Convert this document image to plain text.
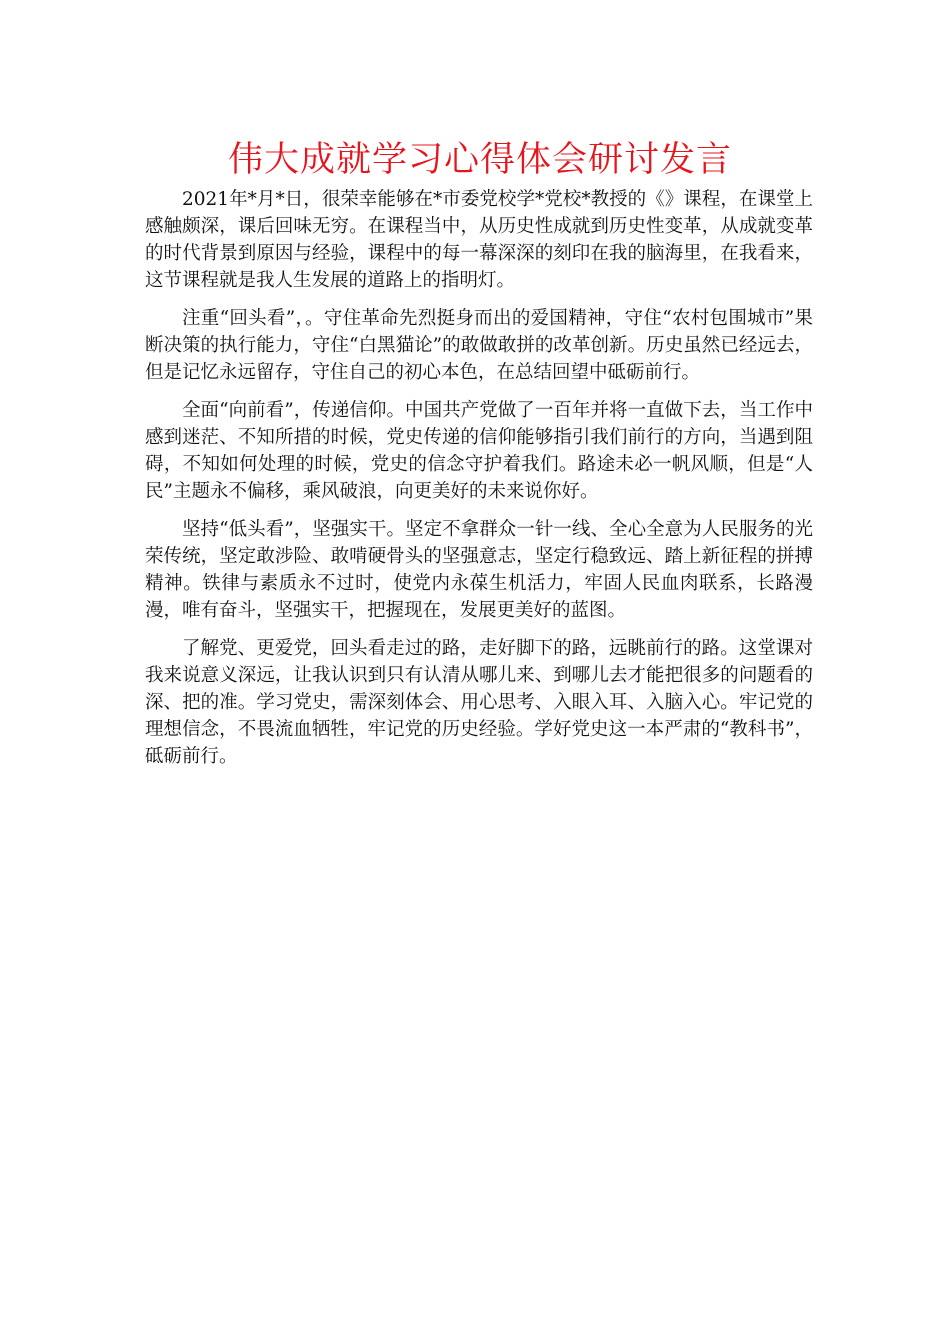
伟大成就学习心得体会研讨发言

2021年*月*日，很荣幸能够在*市委党校学*党校*教授的《》课程，在课堂上感触颇深，课后回味无穷。在课程当中，从历史性成就到历史性变革，从成就变革的时代背景到原因与经验，课程中的每一幕深深的刻印在我的脑海里，在我看来，这节课程就是我人生发展的道路上的指明灯。

注重“回头看”，。守住革命先烈挺身而出的爱国精神，守住“农村包围城市”果断决策的执行能力，守住“白黑猫论”的敢做敢拼的改革创新。历史虽然已经远去，但是记忆永远留存，守住自己的初心本色，在总结回望中砥砺前行。

全面“向前看”，传递信仰。中国共产党做了一百年并将一直做下去，当工作中感到迷茫、不知所措的时候，党史传递的信仰能够指引我们前行的方向，当遇到阻碍，不知如何处理的时候，党史的信念守护着我们。路途未必一帆风顺，但是“人民”主题永不偏移，乘风破浪，向更美好的未来说你好。

坚持“低头看”，坚强实干。坚定不拿群众一针一线、全心全意为人民服务的光荣传统，坚定敢涉险、敢啃硬骨头的坚强意志，坚定行稳致远、踏上新征程的拼搏精神。铁律与素质永不过时，使党内永葆生机活力，牢固人民血肉联系，长路漫漫，唯有奋斗，坚强实干，把握现在，发展更美好的蓝图。

了解党、更爱党，回头看走过的路，走好脚下的路，远眺前行的路。这堂课对我来说意义深远，让我认识到只有认清从哪儿来、到哪儿去才能把很多的问题看的深、把的准。学习党史，需深刻体会、用心思考、入眼入耳、入脑入心。牢记党的理想信念，不畏流血牺牲，牢记党的历史经验。学好党史这一本严肃的“教科书”，砥砺前行。
